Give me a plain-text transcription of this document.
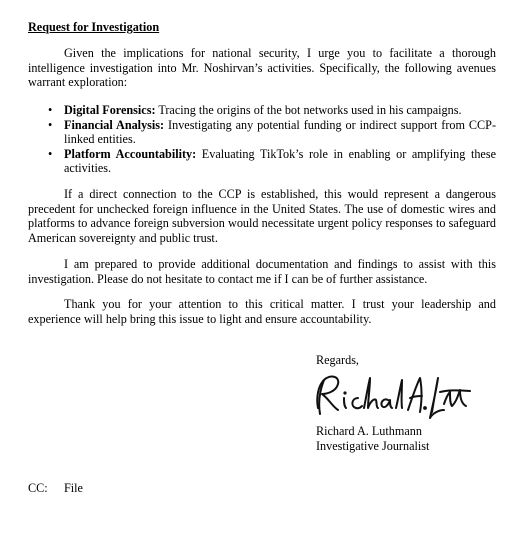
Request for Investigation

Given the implications for national security, I urge you to facilitate a thorough intelligence investigation into Mr. Noshirvan’s activities. Specifically, the following avenues warrant exploration:

• Digital Forensics: Tracing the origins of the bot networks used in his campaigns.
• Financial Analysis: Investigating any potential funding or indirect support from CCP-linked entities.
• Platform Accountability: Evaluating TikTok’s role in enabling or amplifying these activities.

If a direct connection to the CCP is established, this would represent a dangerous precedent for unchecked foreign influence in the United States. The use of domestic wires and platforms to advance foreign subversion would necessitate urgent policy responses to safeguard American sovereignty and public trust.

I am prepared to provide additional documentation and findings to assist with this investigation. Please do not hesitate to contact me if I can be of further assistance.

Thank you for your attention to this critical matter. I trust your leadership and experience will help bring this issue to light and ensure accountability.

Regards,
Richard A. Luthmann
Investigative Journalist
CC: File
